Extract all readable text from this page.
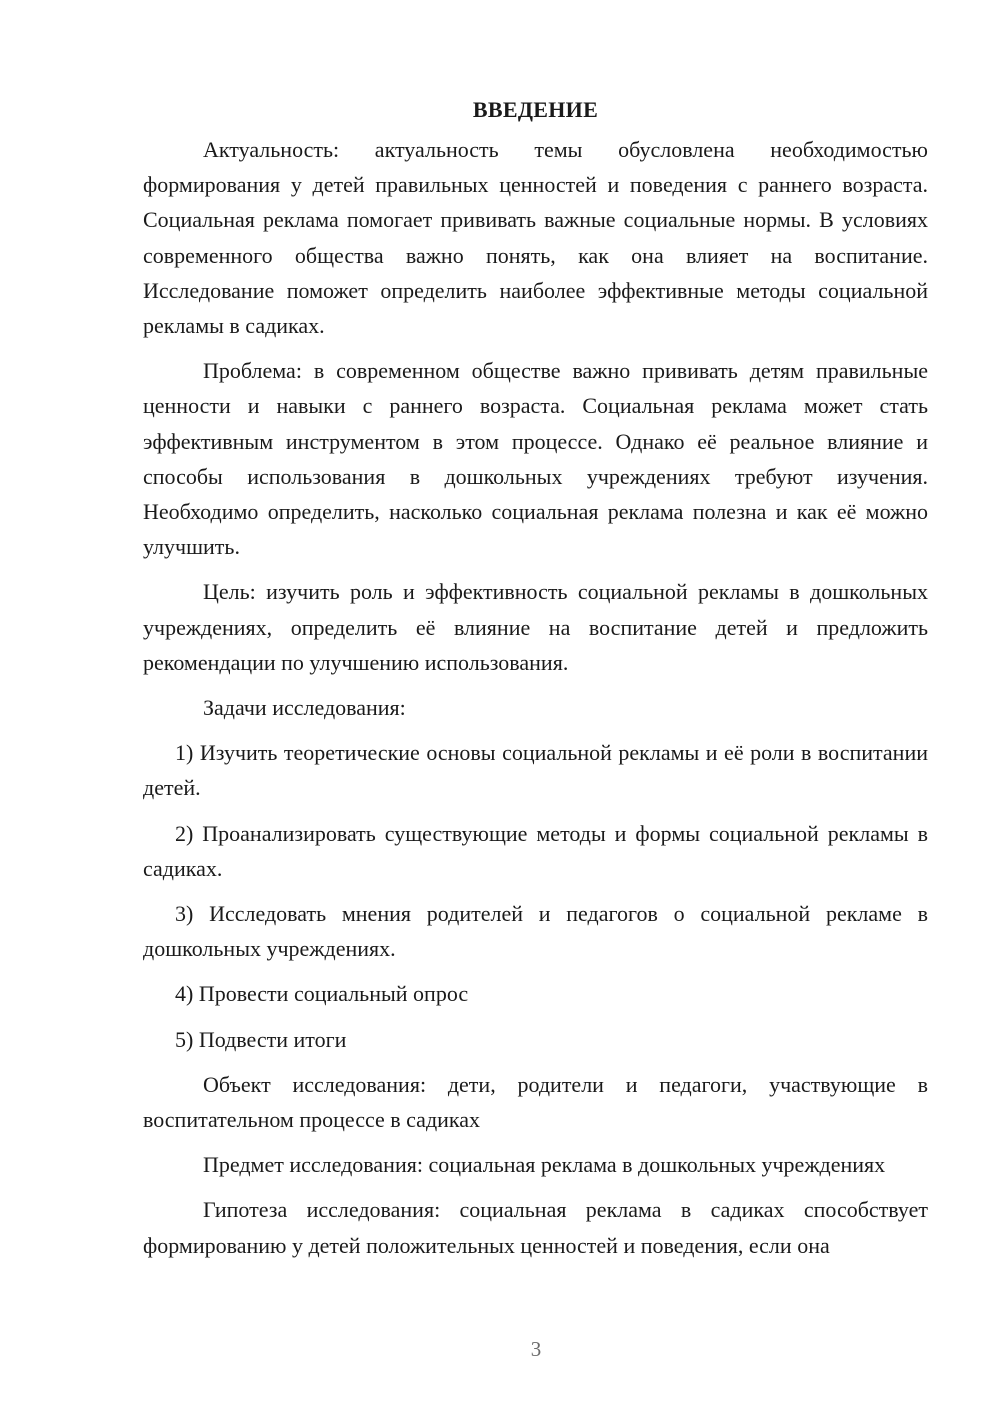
ВВЕДЕНИЕ

Актуальность: актуальность темы обусловлена необходимостью формирования у детей правильных ценностей и поведения с раннего возраста. Социальная реклама помогает прививать важные социальные нормы. В условиях современного общества важно понять, как она влияет на воспитание. Исследование поможет определить наиболее эффективные методы социальной рекламы в садиках.

Проблема: в современном обществе важно прививать детям правильные ценности и навыки с раннего возраста. Социальная реклама может стать эффективным инструментом в этом процессе. Однако её реальное влияние и способы использования в дошкольных учреждениях требуют изучения. Необходимо определить, насколько социальная реклама полезна и как её можно улучшить.

Цель: изучить роль и эффективность социальной рекламы в дошкольных учреждениях, определить её влияние на воспитание детей и предложить рекомендации по улучшению использования.

Задачи исследования:

1) Изучить теоретические основы социальной рекламы и её роли в воспитании детей.

2) Проанализировать существующие методы и формы социальной рекламы в садиках.

3) Исследовать мнения родителей и педагогов о социальной рекламе в дошкольных учреждениях.

4) Провести социальный опрос

5) Подвести итоги

Объект исследования: дети, родители и педагоги, участвующие в воспитательном процессе в садиках

Предмет исследования: социальная реклама в дошкольных учреждениях

Гипотеза исследования: социальная реклама в садиках способствует формированию у детей положительных ценностей и поведения, если она

3
